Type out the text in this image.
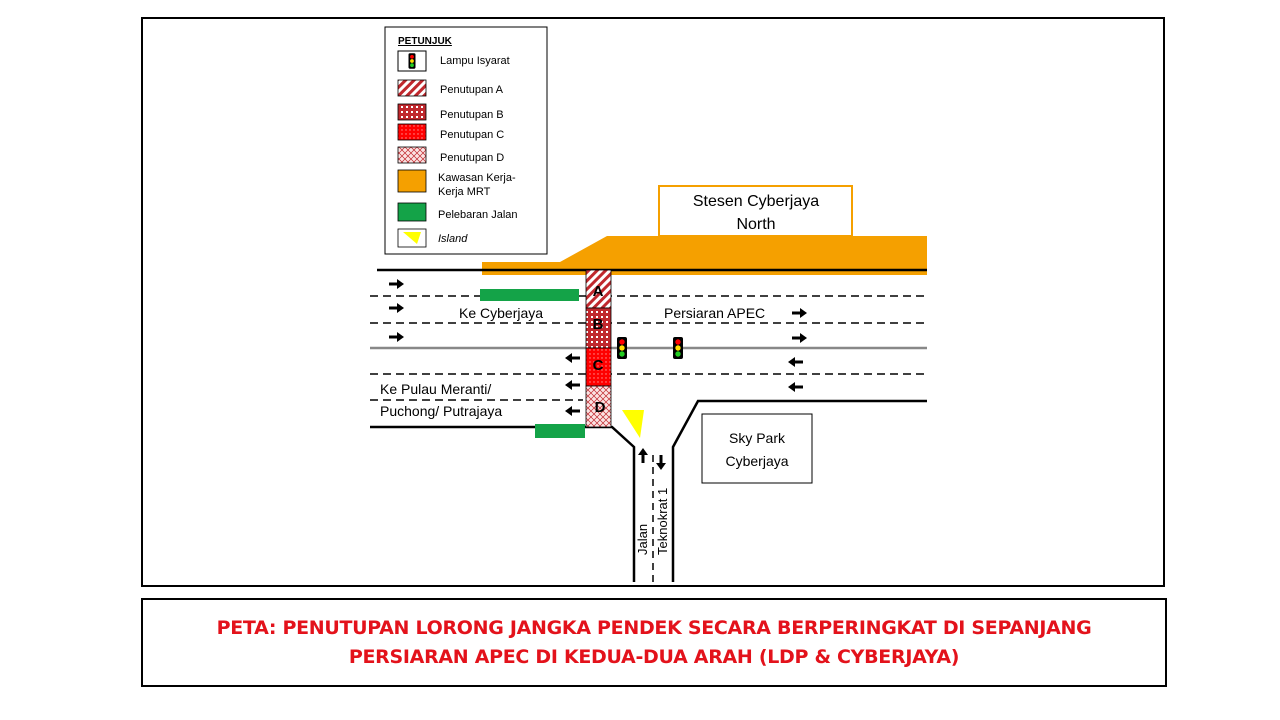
PETUNJUK
Lampu Isyarat
Penutupan A
Penutupan B
Penutupan C
Penutupan D
Kawasan Kerja-
Kerja MRT
Pelebaran Jalan
Island
Stesen Cyberjaya
North
A
B
C
D
Ke Cyberjaya	Persiaran APEC
Ke Pulau Meranti/
Puchong/ Putrajaya
Jalan Teknokrat 1
Sky Park
Cyberjaya
PETA: PENUTUPAN LORONG JANGKA PENDEK SECARA BERPERINGKAT DI SEPANJANG
PERSIARAN APEC DI KEDUA-DUA ARAH (LDP & CYBERJAYA)
